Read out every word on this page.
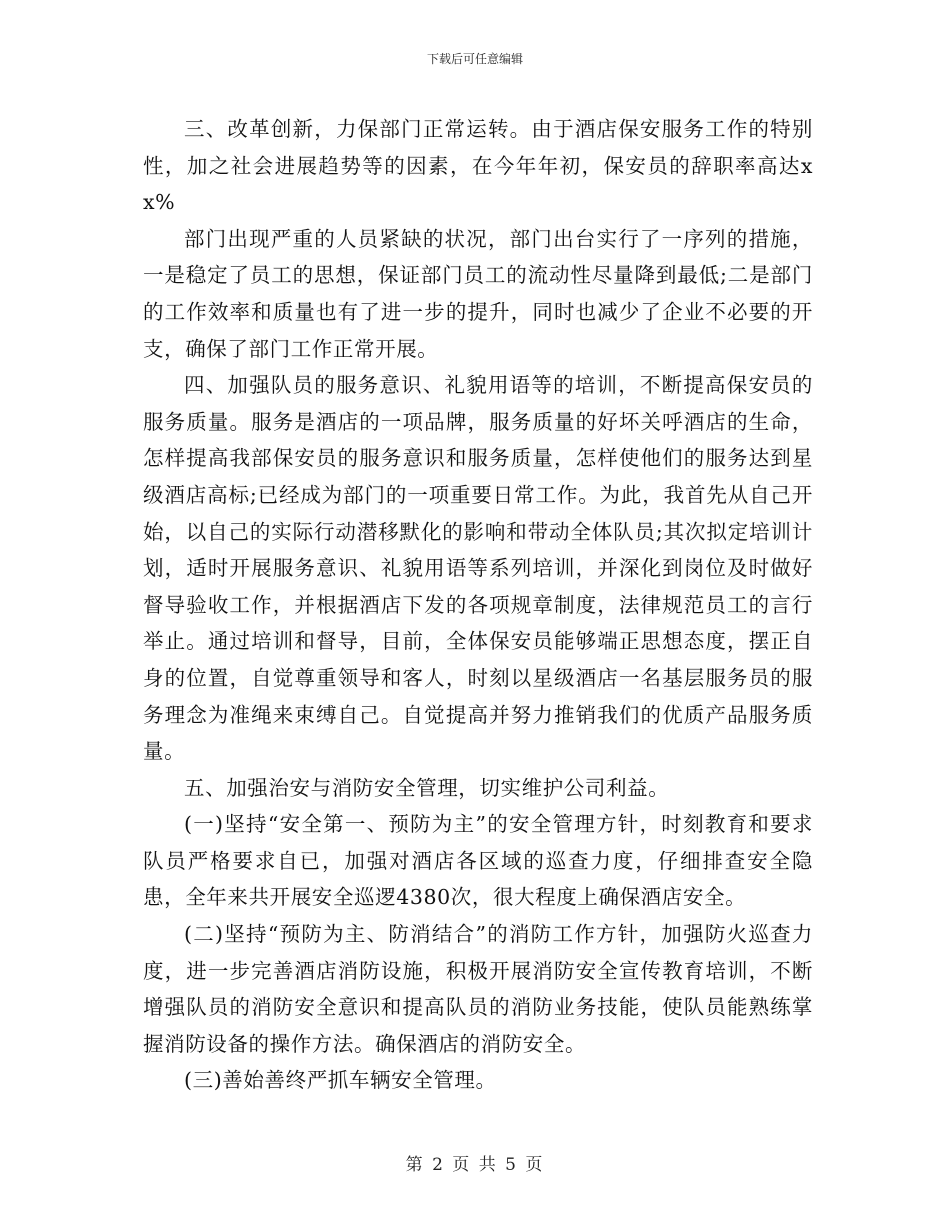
下载后可任意编辑

三、改革创新，力保部门正常运转。由于酒店保安服务工作的特别性，加之社会进展趋势等的因素，在今年年初，保安员的辞职率高达xx%

部门出现严重的人员紧缺的状况，部门出台实行了一序列的措施，一是稳定了员工的思想，保证部门员工的流动性尽量降到最低;二是部门的工作效率和质量也有了进一步的提升，同时也减少了企业不必要的开支，确保了部门工作正常开展。

四、加强队员的服务意识、礼貌用语等的培训，不断提高保安员的服务质量。服务是酒店的一项品牌，服务质量的好坏关呼酒店的生命，怎样提高我部保安员的服务意识和服务质量，怎样使他们的服务达到星级酒店高标;已经成为部门的一项重要日常工作。为此，我首先从自己开始，以自己的实际行动潜移默化的影响和带动全体队员;其次拟定培训计划，适时开展服务意识、礼貌用语等系列培训，并深化到岗位及时做好督导验收工作，并根据酒店下发的各项规章制度，法律规范员工的言行举止。通过培训和督导，目前，全体保安员能够端正思想态度，摆正自身的位置，自觉尊重领导和客人，时刻以星级酒店一名基层服务员的服务理念为准绳来束缚自己。自觉提高并努力推销我们的优质产品服务质量。

五、加强治安与消防安全管理，切实维护公司利益。

(一)坚持“安全第一、预防为主”的安全管理方针，时刻教育和要求队员严格要求自已，加强对酒店各区域的巡查力度，仔细排查安全隐患，全年来共开展安全巡逻4380次，很大程度上确保酒店安全。

(二)坚持“预防为主、防消结合”的消防工作方针，加强防火巡查力度，进一步完善酒店消防设施，积极开展消防安全宣传教育培训，不断增强队员的消防安全意识和提高队员的消防业务技能，使队员能熟练掌握消防设备的操作方法。确保酒店的消防安全。

(三)善始善终严抓车辆安全管理。

第 2 页 共 5 页
